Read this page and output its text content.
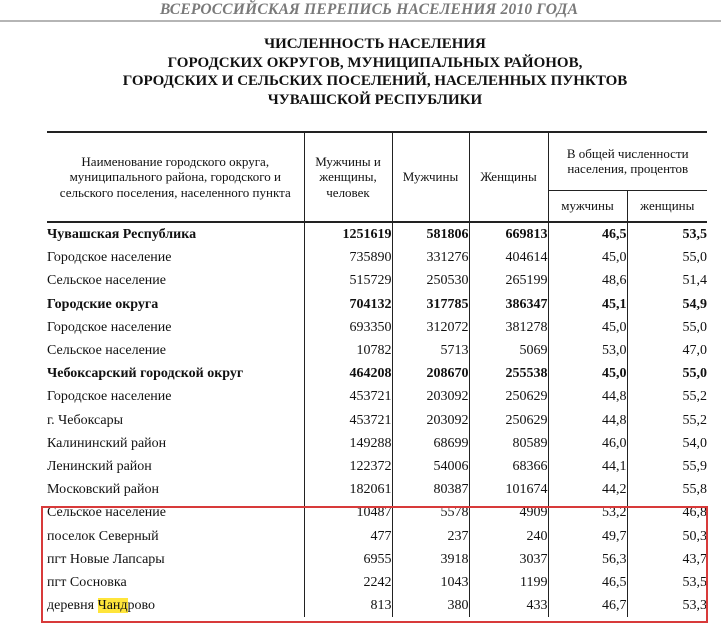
ВСЕРОССИЙСКАЯ ПЕРЕПИСЬ НАСЕЛЕНИЯ 2010 ГОДА
ЧИСЛЕННОСТЬ НАСЕЛЕНИЯ
ГОРОДСКИХ ОКРУГОВ, МУНИЦИПАЛЬНЫХ РАЙОНОВ,
ГОРОДСКИХ И СЕЛЬСКИХ ПОСЕЛЕНИЙ, НАСЕЛЕННЫХ ПУНКТОВ
ЧУВАШСКОЙ РЕСПУБЛИКИ
Наименование городского округа, муниципального района, городского и сельского поселения, населенного пункта	Мужчины и женщины, человек	Мужчины	Женщины	В общей численности населения, процентов	
				мужчины	женщины
Чувашская Республика	1251619	581806	669813	46,5	53,5
Городское население	735890	331276	404614	45,0	55,0
Сельское население	515729	250530	265199	48,6	51,4
Городские округа	704132	317785	386347	45,1	54,9
Городское население	693350	312072	381278	45,0	55,0
Сельское население	10782	5713	5069	53,0	47,0
Чебоксарский городской округ	464208	208670	255538	45,0	55,0
Городское население	453721	203092	250629	44,8	55,2
г. Чебоксары	453721	203092	250629	44,8	55,2
Калининский район	149288	68699	80589	46,0	54,0
Ленинский район	122372	54006	68366	44,1	55,9
Московский район	182061	80387	101674	44,2	55,8
Сельское население	10487	5578	4909	53,2	46,8
поселок Северный	477	237	240	49,7	50,3
пгт Новые Лапсары	6955	3918	3037	56,3	43,7
пгт Сосновка	2242	1043	1199	46,5	53,5
деревня Чандрово	813	380	433	46,7	53,3
